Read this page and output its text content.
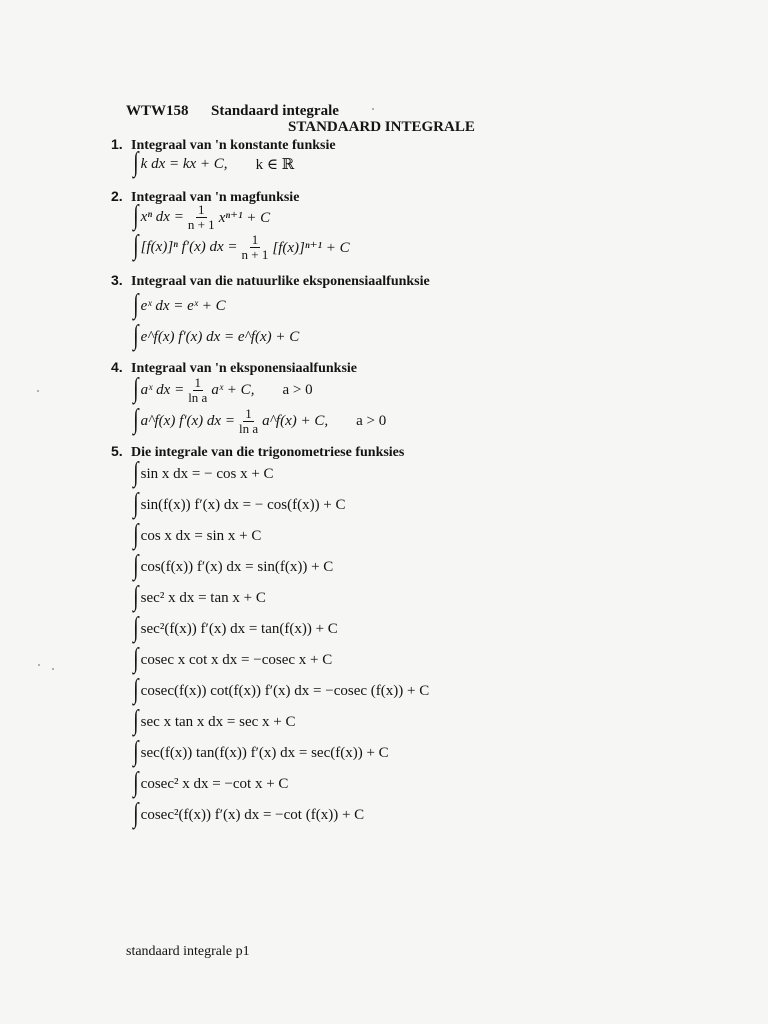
WTW158 Standaard integrale
STANDAARD INTEGRALE
1. Integraal van 'n konstante funksie
∫ k dx = kx + C, k ∈ ℝ
2. Integraal van 'n magfunksie
∫ xⁿ dx = $\frac{1}{n + 1} x^{n+1} + C$
∫ [f(x)]ⁿ f′(x) dx = $\frac{1}{n + 1} [f(x)]^{n+1} + C$
3. Integraal van die natuurlike eksponensiaalfunksie
∫ eˣ dx = eˣ + C
∫ e^f(x) f′(x) dx = e^f(x) + C
4. Integraal van 'n eksponensiaalfunksie
∫ aˣ dx = $\frac{1}{\text{ln a}}$ aˣ + C, a > 0
∫ a^f(x) f′(x) dx = $\frac{1}{\text{ln a}}$ a^f(x) + C, a > 0
5. Die integrale van die trigonometriese funksies
∫ sin x dx = − cos x + C
∫ sin(f(x)) f′(x) dx = − cos(f(x)) + C
∫ cos x dx = sin x + C
∫ cos(f(x)) f′(x) dx = sin(f(x)) + C
∫ sec² x dx = tan x + C
∫ sec²(f(x)) f′(x) dx = tan(f(x)) + C
∫ cosec x cot x dx = −cosec x + C
∫ cosec(f(x)) cot(f(x)) f′(x) dx = −cosec (f(x)) + C
∫ sec x tan x dx = sec x + C
∫ sec(f(x)) tan(f(x)) f′(x) dx = sec(f(x)) + C
∫ cosec² x dx = −cot x + C
∫ cosec²(f(x)) f′(x) dx = −cot (f(x)) + C
standaard integrale p1
